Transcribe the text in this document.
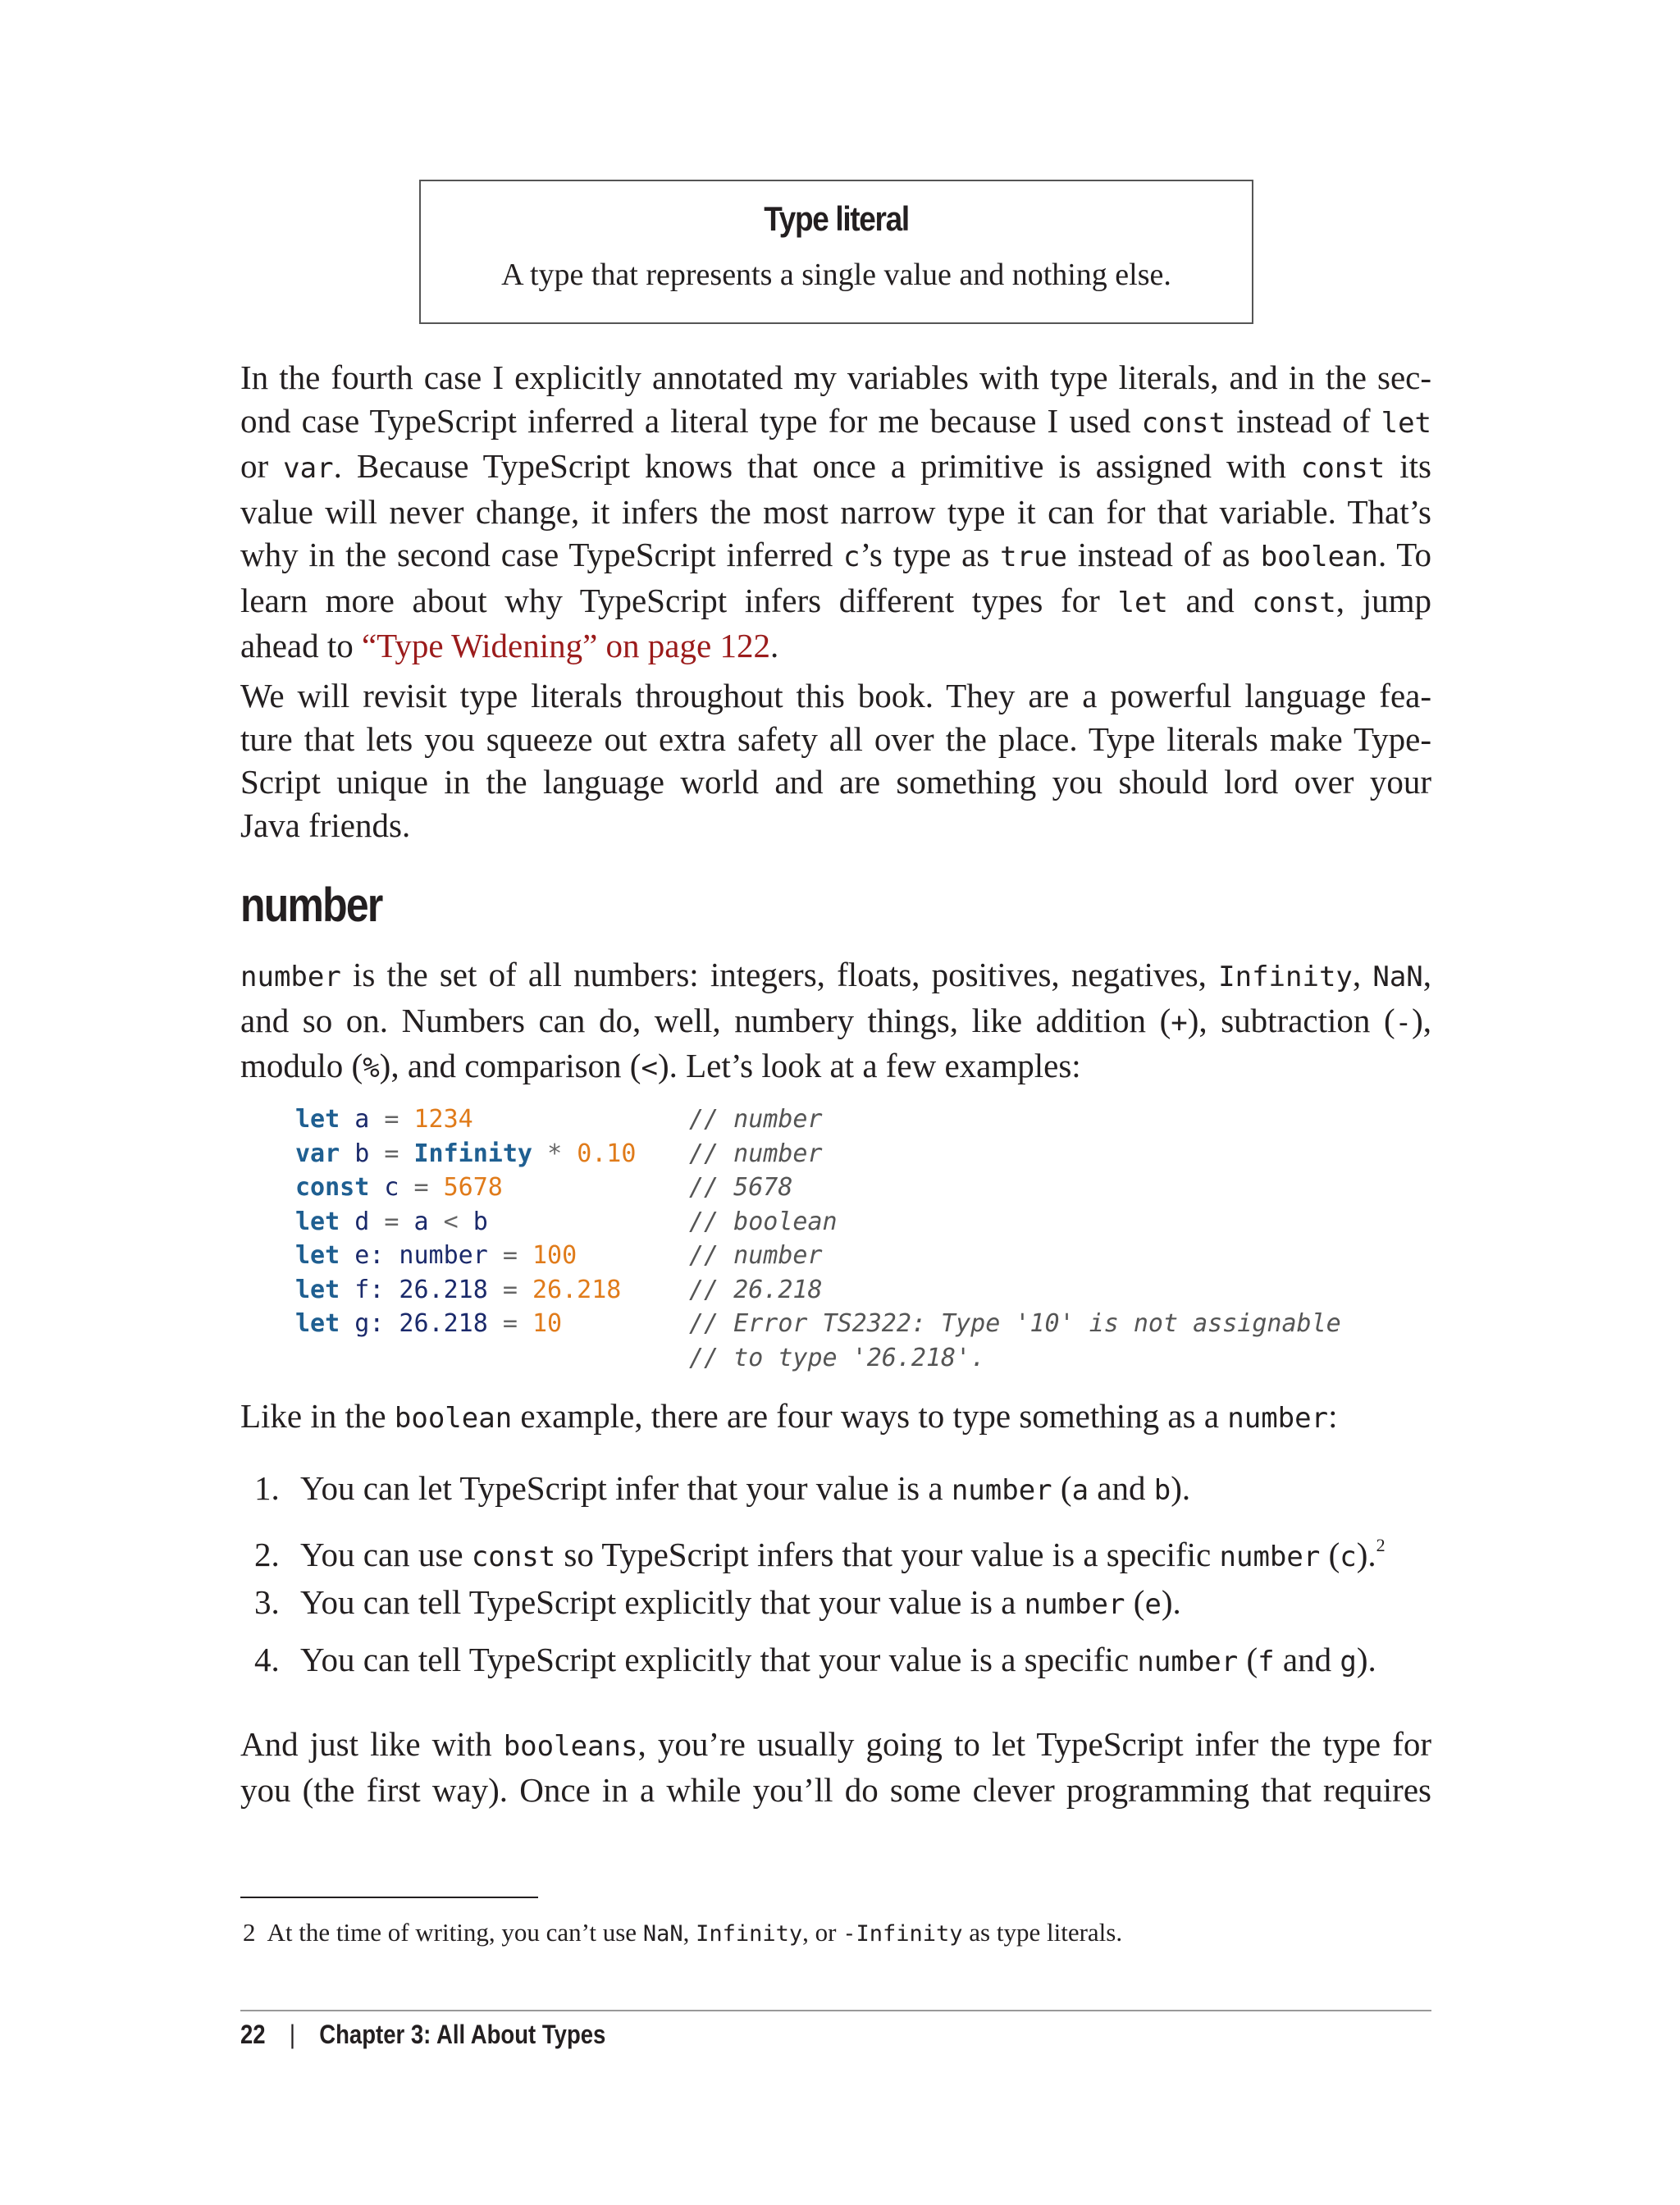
Type literal
A type that represents a single value and nothing else.

In the fourth case I explicitly annotated my variables with type literals, and in the sec-
ond case TypeScript inferred a literal type for me because I used const instead of let
or var. Because TypeScript knows that once a primitive is assigned with const its
value will never change, it infers the most narrow type it can for that variable. That’s
why in the second case TypeScript inferred c’s type as true instead of as boolean. To
learn more about why TypeScript infers different types for let and const, jump
ahead to “Type Widening” on page 122.

We will revisit type literals throughout this book. They are a powerful language fea-
ture that lets you squeeze out extra safety all over the place. Type literals make Type-
Script unique in the language world and are something you should lord over your
Java friends.

number

number is the set of all numbers: integers, floats, positives, negatives, Infinity, NaN,
and so on. Numbers can do, well, numbery things, like addition (+), subtraction (-),
modulo (%), and comparison (<). Let’s look at a few examples:

let a = 1234	// number
var b = Infinity * 0.10 // number
const c = 5678	// 5678
let d = a < b	// boolean
let e: number = 100	// number
let f: 26.218 = 26.218	// 26.218
let g: 26.218 = 10	// Error TS2322: Type '10' is not assignable
// to type '26.218'.

Like in the boolean example, there are four ways to type something as a number:

1. You can let TypeScript infer that your value is a number (a and b).
2. You can use const so TypeScript infers that your value is a specific number (c).$^2$
3. You can tell TypeScript explicitly that your value is a number (e).
4. You can tell TypeScript explicitly that your value is a specific number (f and g).

And just like with booleans, you’re usually going to let TypeScript infer the type for
you (the first way). Once in a while you’ll do some clever programming that requires

2 At the time of writing, you can’t use NaN, Infinity, or -Infinity as type literals.
22 | Chapter 3: All About Types
